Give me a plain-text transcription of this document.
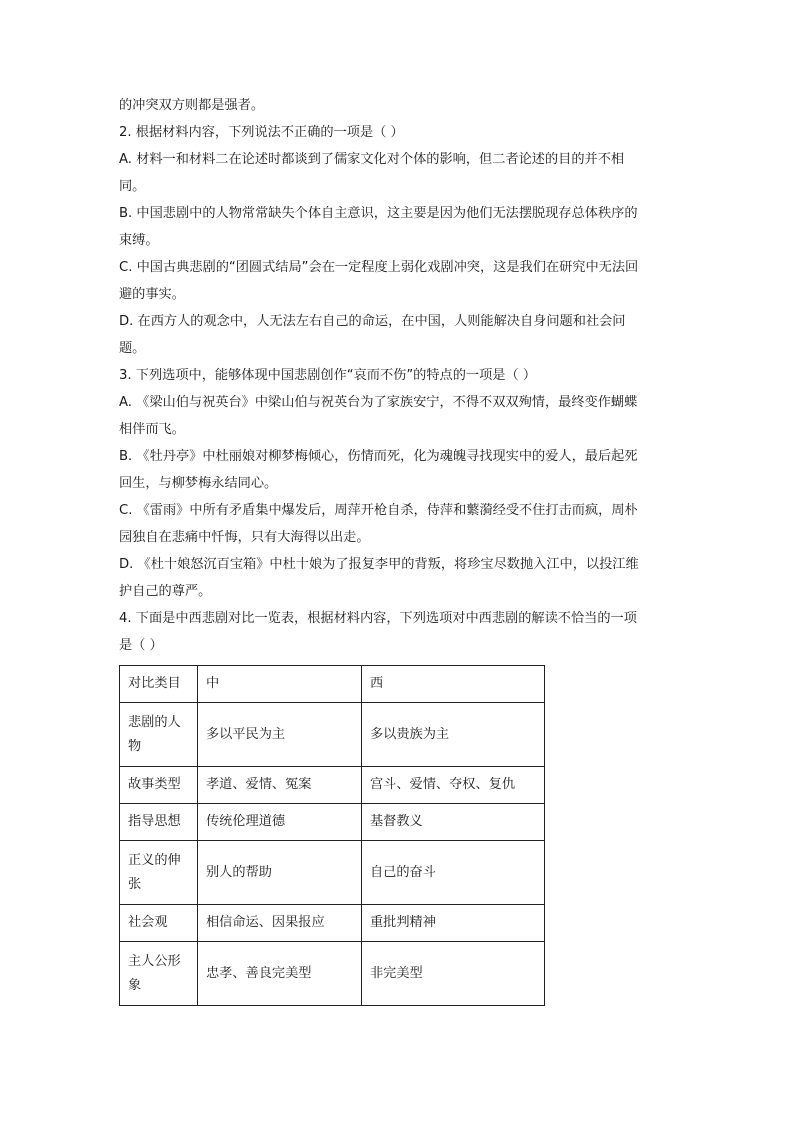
的冲突双方则都是强者。
2. 根据材料内容，下列说法不正确的一项是（ ）
A. 材料一和材料二在论述时都谈到了儒家文化对个体的影响，但二者论述的目的并不相
同。
B. 中国悲剧中的人物常常缺失个体自主意识，这主要是因为他们无法摆脱现存总体秩序的
束缚。
C. 中国古典悲剧的“团圆式结局”会在一定程度上弱化戏剧冲突，这是我们在研究中无法回
避的事实。
D. 在西方人的观念中，人无法左右自己的命运，在中国，人则能解决自身问题和社会问
题。
3. 下列选项中，能够体现中国悲剧创作“哀而不伤”的特点的一项是（ ）
A. 《梁山伯与祝英台》中梁山伯与祝英台为了家族安宁，不得不双双殉情，最终变作蝴蝶
相伴而飞。
B. 《牡丹亭》中杜丽娘对柳梦梅倾心，伤情而死，化为魂魄寻找现实中的爱人，最后起死
回生，与柳梦梅永结同心。
C. 《雷雨》中所有矛盾集中爆发后，周萍开枪自杀，侍萍和蘩漪经受不住打击而疯，周朴
园独自在悲痛中忏悔，只有大海得以出走。
D. 《杜十娘怒沉百宝箱》中杜十娘为了报复李甲的背叛，将珍宝尽数抛入江中，以投江维
护自己的尊严。
4. 下面是中西悲剧对比一览表，根据材料内容，下列选项对中西悲剧的解读不恰当的一项
是（ ）
对比类目	中	西
悲剧的人物	多以平民为主	多以贵族为主
故事类型	孝道、爱情、冤案	宫斗、爱情、夺权、复仇
指导思想	传统伦理道德	基督教义
正义的伸张	别人的帮助	自己的奋斗
社会观	相信命运、因果报应	重批判精神
主人公形象	忠孝、善良完美型	非完美型
